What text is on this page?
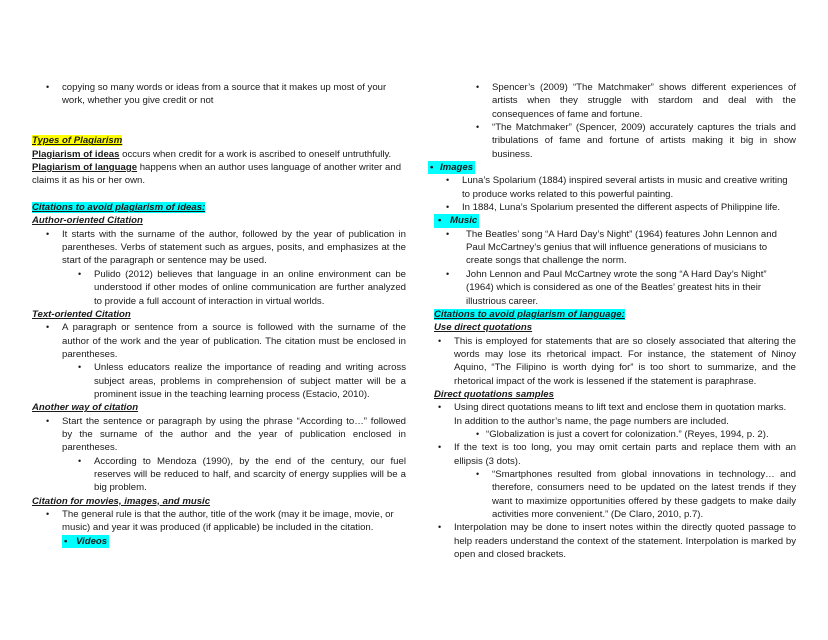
• copying so many words or ideas from a source that it makes up most of your work, whether you give credit or not

Types of Plagiarism

Plagiarism of ideas occurs when credit for a work is ascribed to oneself untruthfully.

Plagiarism of language happens when an author uses language of another writer and claims it as his or her own.

Citations to avoid plagiarism of ideas:

Author-oriented Citation

• It starts with the surname of the author, followed by the year of publication in parentheses. Verbs of statement such as argues, posits, and emphasizes at the start of the paragraph or sentence may be used.

• Pulido (2012) believes that language in an online environment can be understood if other modes of online communication are further analyzed to provide a full account of interaction in virtual worlds.

Text-oriented Citation

• A paragraph or sentence from a source is followed with the surname of the author of the work and the year of publication. The citation must be enclosed in parentheses.

• Unless educators realize the importance of reading and writing across subject areas, problems in comprehension of subject matter will be a prominent issue in the teaching learning process (Estacio, 2010).

Another way of citation

• Start the sentence or paragraph by using the phrase “According to…” followed by the surname of the author and the year of publication enclosed in parentheses.

• According to Mendoza (1990), by the end of the century, our fuel reserves will be reduced to half, and scarcity of energy supplies will be a big problem.

Citation for movies, images, and music

• The general rule is that the author, title of the work (may it be image, movie, or music) and year it was produced (if applicable) be included in the citation.

• Videos

• Spencer’s (2009) “The Matchmaker” shows different experiences of artists when they struggle with stardom and deal with the consequences of fame and fortune.

• “The Matchmaker” (Spencer, 2009) accurately captures the trials and tribulations of fame and fortune of artists making it big in show business.

• Images

• Luna’s Spolarium (1884) inspired several artists in music and creative writing to produce works related to this powerful painting.

• In 1884, Luna’s Spolarium presented the different aspects of Philippine life.

• Music

• The Beatles’ song “A Hard Day’s Night” (1964) features John Lennon and Paul McCartney’s genius that will influence generations of musicians to create songs that challenge the norm.

• John Lennon and Paul McCartney wrote the song “A Hard Day’s Night” (1964) which is considered as one of the Beatles’ greatest hits in their illustrious career.

Citations to avoid plagiarism of language:

Use direct quotations

• This is employed for statements that are so closely associated that altering the words may lose its rhetorical impact. For instance, the statement of Ninoy Aquino, “The Filipino is worth dying for” is too short to summarize, and the rhetorical impact of the work is lessened if the statement is paraphrase.

Direct quotations samples

• Using direct quotations means to lift text and enclose them in quotation marks. In addition to the author’s name, the page numbers are included.

• “Globalization is just a covert for colonization.” (Reyes, 1994, p. 2).

• If the text is too long, you may omit certain parts and replace them with an ellipsis (3 dots).

• “Smartphones resulted from global innovations in technology… and therefore, consumers need to be updated on the latest trends if they want to maximize opportunities offered by these gadgets to make daily activities more convenient.” (De Claro, 2010, p.7).

• Interpolation may be done to insert notes within the directly quoted passage to help readers understand the context of the statement. Interpolation is marked by open and closed brackets.
